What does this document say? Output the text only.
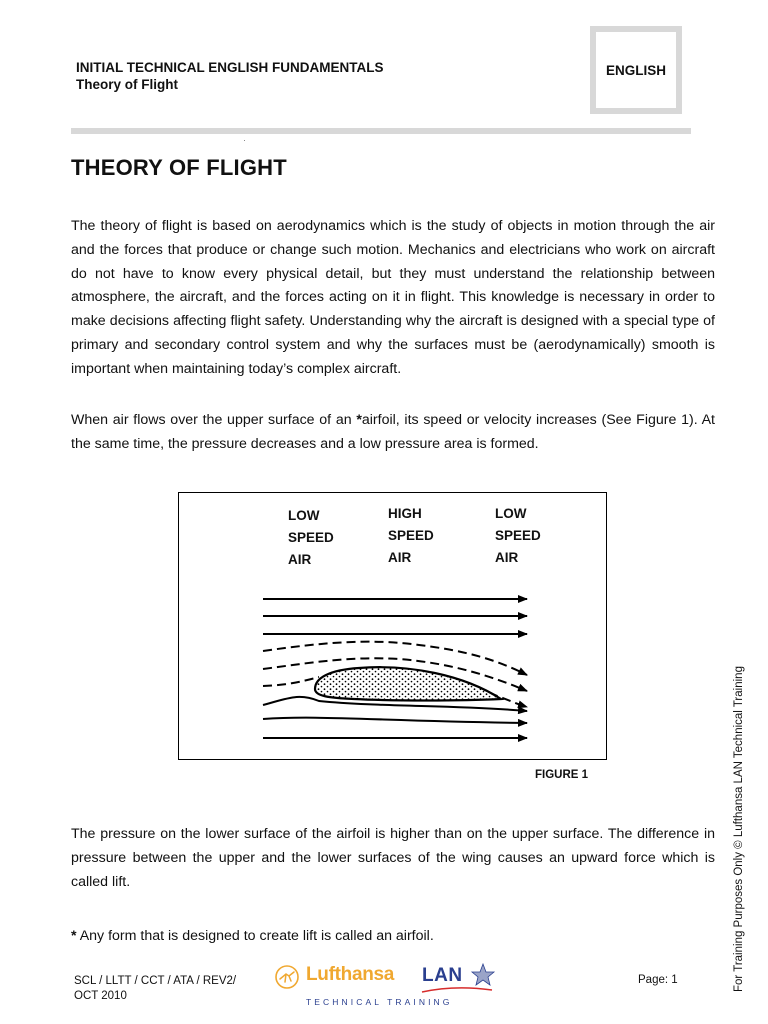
INITIAL TECHNICAL ENGLISH FUNDAMENTALS
Theory of Flight
ENGLISH
THEORY OF FLIGHT

The theory of flight is based on aerodynamics which is the study of objects in motion through the air and the forces that produce or change such motion. Mechanics and electricians who work on aircraft do not have to know every physical detail, but they must understand the relationship between atmosphere, the aircraft, and the forces acting on it in flight. This knowledge is necessary in order to make decisions affecting flight safety. Understanding why the aircraft is designed with a special type of primary and secondary control system and why the surfaces must be (aerodynamically) smooth is important when maintaining today’s complex aircraft.

When air flows over the upper surface of an *airfoil, its speed or velocity increases (See Figure 1). At the same time, the pressure decreases and a low pressure area is formed.

LOW
SPEED
AIR
HIGH
SPEED
AIR
LOW
SPEED
AIR
FIGURE 1

The pressure on the lower surface of the airfoil is higher than on the upper surface. The difference in pressure between the upper and the lower surfaces of the wing causes an upward force which is called lift.

* Any form that is designed to create lift is called an airfoil.	For Training Purposes Only © Lufthansa LAN Technical Training
SCL / LLTT / CCT / ATA / REV2/
OCT 2010
Lufthansa LAN
TECHNICAL TRAINING
Page: 1
